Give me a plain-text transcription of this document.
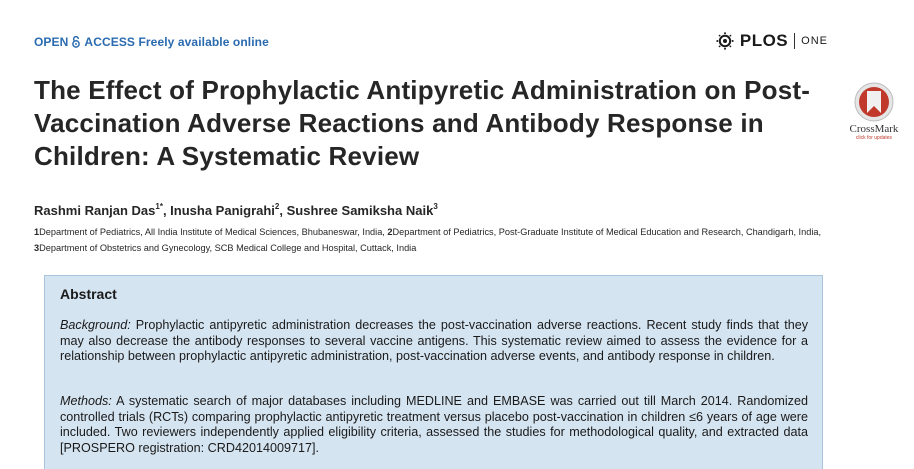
OPEN ACCESS Freely available online	PLOS ONE
The Effect of Prophylactic Antipyretic Administration on Post-Vaccination Adverse Reactions and Antibody Response in Children: A Systematic Review
CrossMark
click for updates
Rashmi Ranjan Das$^{1*}$, Inusha Panigrahi$^2$, Sushree Samiksha Naik$^3$
1Department of Pediatrics, All India Institute of Medical Sciences, Bhubaneswar, India, 2Department of Pediatrics, Post-Graduate Institute of Medical Education and Research, Chandigarh, India, 3Department of Obstetrics and Gynecology, SCB Medical College and Hospital, Cuttack, India
Abstract

Background: Prophylactic antipyretic administration decreases the post-vaccination adverse reactions. Recent study finds that they may also decrease the antibody responses to several vaccine antigens. This systematic review aimed to assess the evidence for a relationship between prophylactic antipyretic administration, post-vaccination adverse events, and antibody response in children.

Methods: A systematic search of major databases including MEDLINE and EMBASE was carried out till March 2014. Randomized controlled trials (RCTs) comparing prophylactic antipyretic treatment versus placebo post-vaccination in children ≤6 years of age were included. Two reviewers independently applied eligibility criteria, assessed the studies for methodological quality, and extracted data [PROSPERO registration: CRD42014009717].
